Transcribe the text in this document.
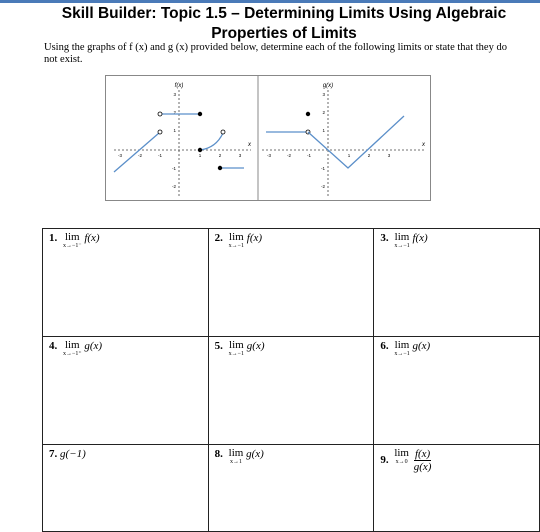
Skill Builder: Topic 1.5 – Determining Limits Using Algebraic Properties of Limits
Using the graphs of f (x) and g (x) provided below, determine each of the following limits or state that they do not exist.
f(x)
x
-3	-2	-1	1	2	3
3
2
1
-1
-2
g(x)
x
-3	-2	-1	1	2	3
3
2
1
-1
-2
1. lim
x→−1⁻
f(x)	2. lim
x→−1
f(x)	3. lim
x→−1
f(x)
4. lim
x→−1⁺
g(x)	5. lim
x→−1
g(x)	6. lim
x→−1
g(x)
7. g(−1)	8. lim
x→1
g(x)	9.
lim
x→0
$\frac{f(x)}{g(x)}$
